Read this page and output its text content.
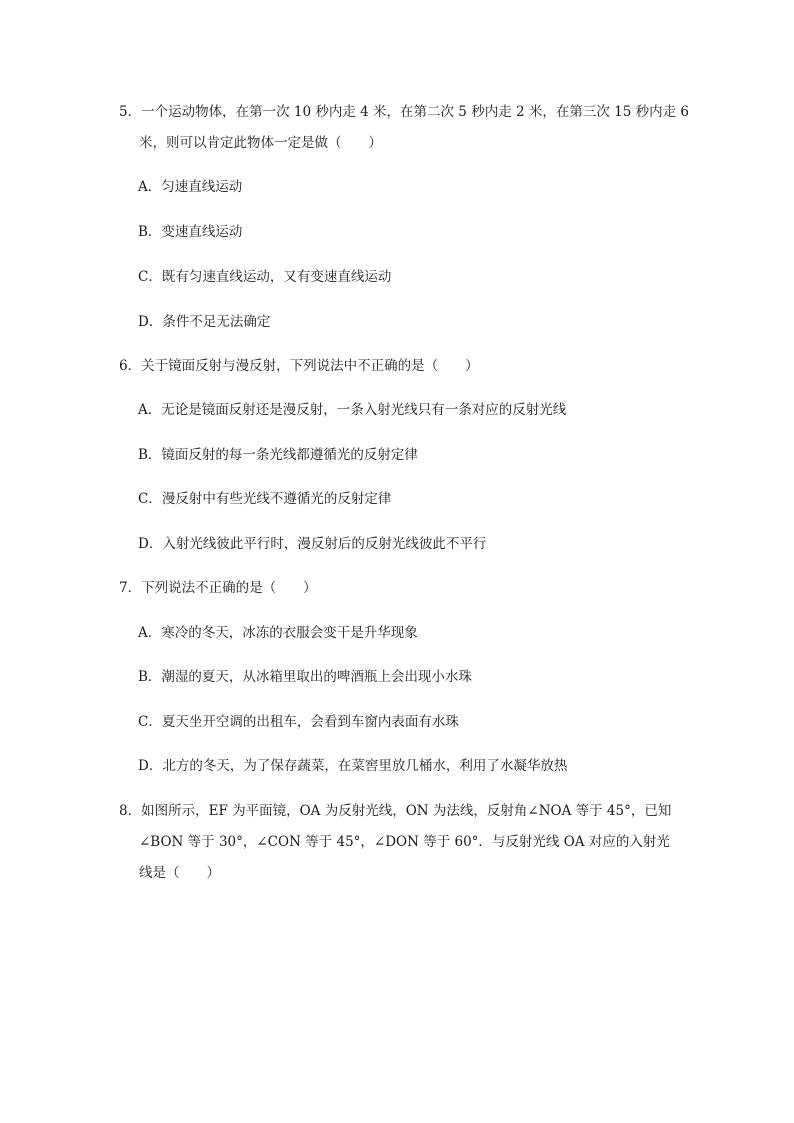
5．一个运动物体，在第一次 10 秒内走 4 米，在第二次 5 秒内走 2 米，在第三次 15 秒内走 6
米，则可以肯定此物体一定是做（　　）
A．匀速直线运动
B．变速直线运动
C．既有匀速直线运动，又有变速直线运动
D．条件不足无法确定
6．关于镜面反射与漫反射，下列说法中不正确的是（　　）
A．无论是镜面反射还是漫反射，一条入射光线只有一条对应的反射光线
B．镜面反射的每一条光线都遵循光的反射定律
C．漫反射中有些光线不遵循光的反射定律
D．入射光线彼此平行时，漫反射后的反射光线彼此不平行
7．下列说法不正确的是（　　）
A．寒冷的冬天，冰冻的衣服会变干是升华现象
B．潮湿的夏天，从冰箱里取出的啤酒瓶上会出现小水珠
C．夏天坐开空调的出租车，会看到车窗内表面有水珠
D．北方的冬天，为了保存蔬菜，在菜窖里放几桶水，利用了水凝华放热
8．如图所示，EF 为平面镜，OA 为反射光线，ON 为法线，反射角∠NOA 等于 45°，已知
∠BON 等于 30°，∠CON 等于 45°，∠DON 等于 60°．与反射光线 OA 对应的入射光
线是（　　）
